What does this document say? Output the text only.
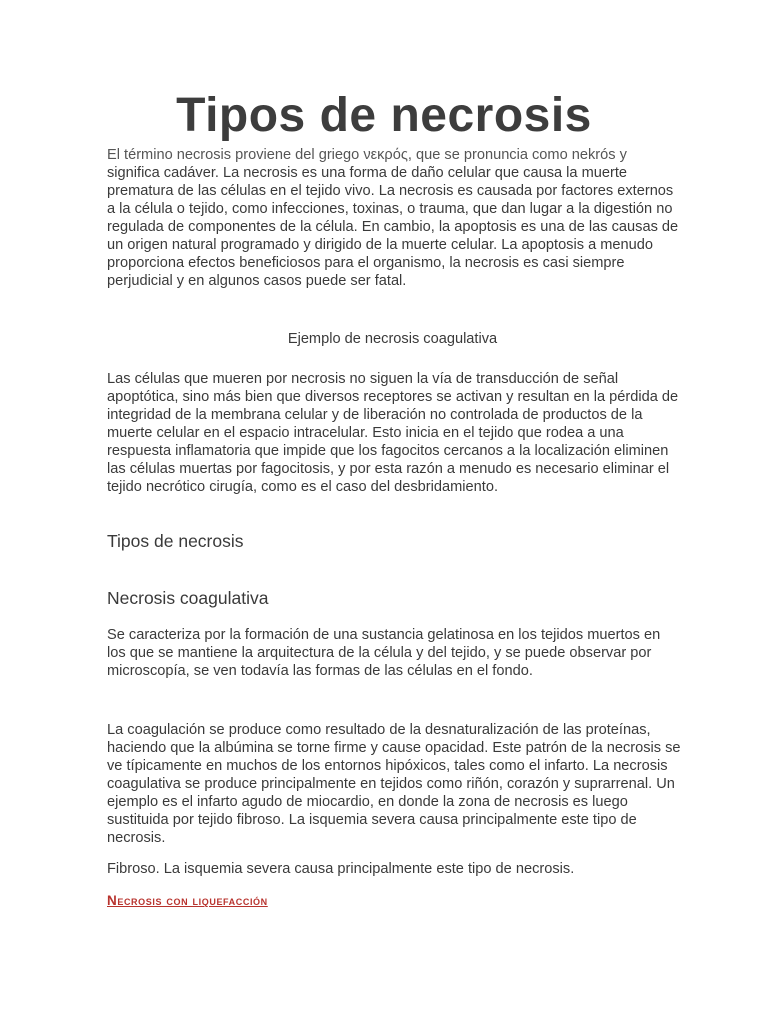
Tipos de necrosis

El término necrosis proviene del griego νεκρός, que se pronuncia como nekrós y significa cadáver. La necrosis es una forma de daño celular que causa la muerte prematura de las células en el tejido vivo. La necrosis es causada por factores externos a la célula o tejido, como infecciones, toxinas, o trauma, que dan lugar a la digestión no regulada de componentes de la célula. En cambio, la apoptosis es una de las causas de un origen natural programado y dirigido de la muerte celular. La apoptosis a menudo proporciona efectos beneficiosos para el organismo, la necrosis es casi siempre perjudicial y en algunos casos puede ser fatal.

Ejemplo de necrosis coagulativa

Las células que mueren por necrosis no siguen la vía de transducción de señal apoptótica, sino más bien que diversos receptores se activan y resultan en la pérdida de integridad de la membrana celular y de liberación no controlada de productos de la muerte celular en el espacio intracelular. Esto inicia en el tejido que rodea a una respuesta inflamatoria que impide que los fagocitos cercanos a la localización eliminen las células muertas por fagocitosis, y por esta razón a menudo es necesario eliminar el tejido necrótico cirugía, como es el caso del desbridamiento.

Tipos de necrosis
Necrosis coagulativa

Se caracteriza por la formación de una sustancia gelatinosa en los tejidos muertos en los que se mantiene la arquitectura de la célula y del tejido, y se puede observar por microscopía, se ven todavía las formas de las células en el fondo.

La coagulación se produce como resultado de la desnaturalización de las proteínas, haciendo que la albúmina se torne firme y cause opacidad. Este patrón de la necrosis se ve típicamente en muchos de los entornos hipóxicos, tales como el infarto. La necrosis coagulativa se produce principalmente en tejidos como riñón, corazón y suprarrenal. Un ejemplo es el infarto agudo de miocardio, en donde la zona de necrosis es luego sustituida por tejido fibroso. La isquemia severa causa principalmente este tipo de necrosis.

Fibroso. La isquemia severa causa principalmente este tipo de necrosis.

Necrosis con liquefacción
